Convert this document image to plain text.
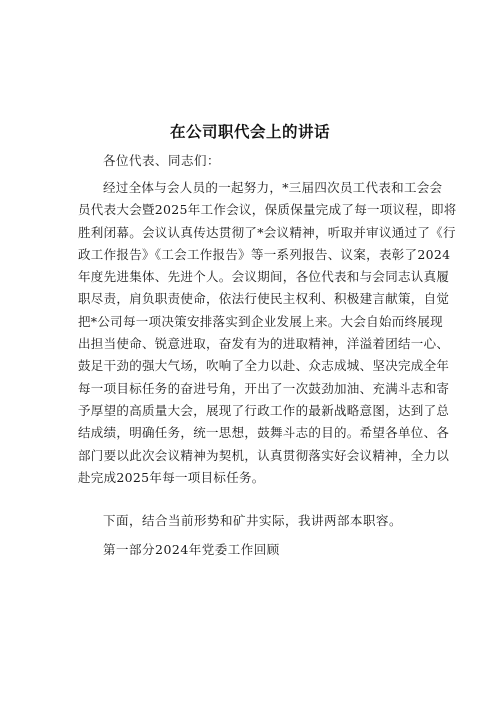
在公司职代会上的讲话
各位代表、同志们：
经过全体与会人员的一起努力，*三届四次员工代表和工会会
员代表大会暨2025年工作会议，保质保量完成了每一项议程，即将
胜利闭幕。会议认真传达贯彻了*会议精神，听取并审议通过了《行
政工作报告》《工会工作报告》等一系列报告、议案，表彰了2024
年度先进集体、先进个人。会议期间，各位代表和与会同志认真履
职尽责，肩负职责使命，依法行使民主权利、积极建言献策，自觉
把*公司每一项决策安排落实到企业发展上来。大会自始而终展现
出担当使命、锐意进取，奋发有为的进取精神，洋溢着团结一心、
鼓足干劲的强大气场，吹响了全力以赴、众志成城、坚决完成全年
每一项目标任务的奋进号角，开出了一次鼓劲加油、充满斗志和寄
予厚望的高质量大会，展现了行政工作的最新战略意图，达到了总
结成绩，明确任务，统一思想，鼓舞斗志的目的。希望各单位、各
部门要以此次会议精神为契机，认真贯彻落实好会议精神，全力以
赴完成2025年每一项目标任务。
下面，结合当前形势和矿井实际，我讲两部本职容。
第一部分2024年党委工作回顾
